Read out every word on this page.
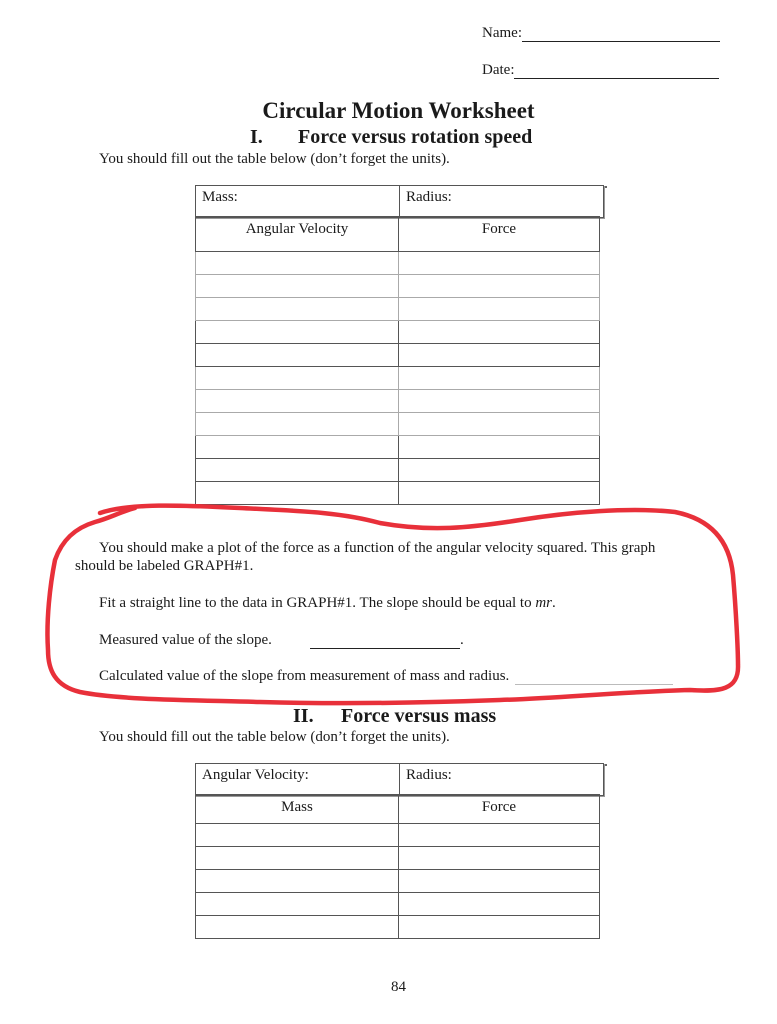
Name:
Date:
Circular Motion Worksheet
I. Force versus rotation speed
You should fill out the table below (don’t forget the units).
Mass:	Radius:
Angular Velocity	Force

You should make a plot of the force as a function of the angular velocity squared. This graph
should be labeled GRAPH#1.
Fit a straight line to the data in GRAPH#1. The slope should be equal to mr.
Measured value of the slope.	.
Calculated value of the slope from measurement of mass and radius.
II. Force versus mass
You should fill out the table below (don’t forget the units).
Angular Velocity:	Radius:
Mass	Force

84
